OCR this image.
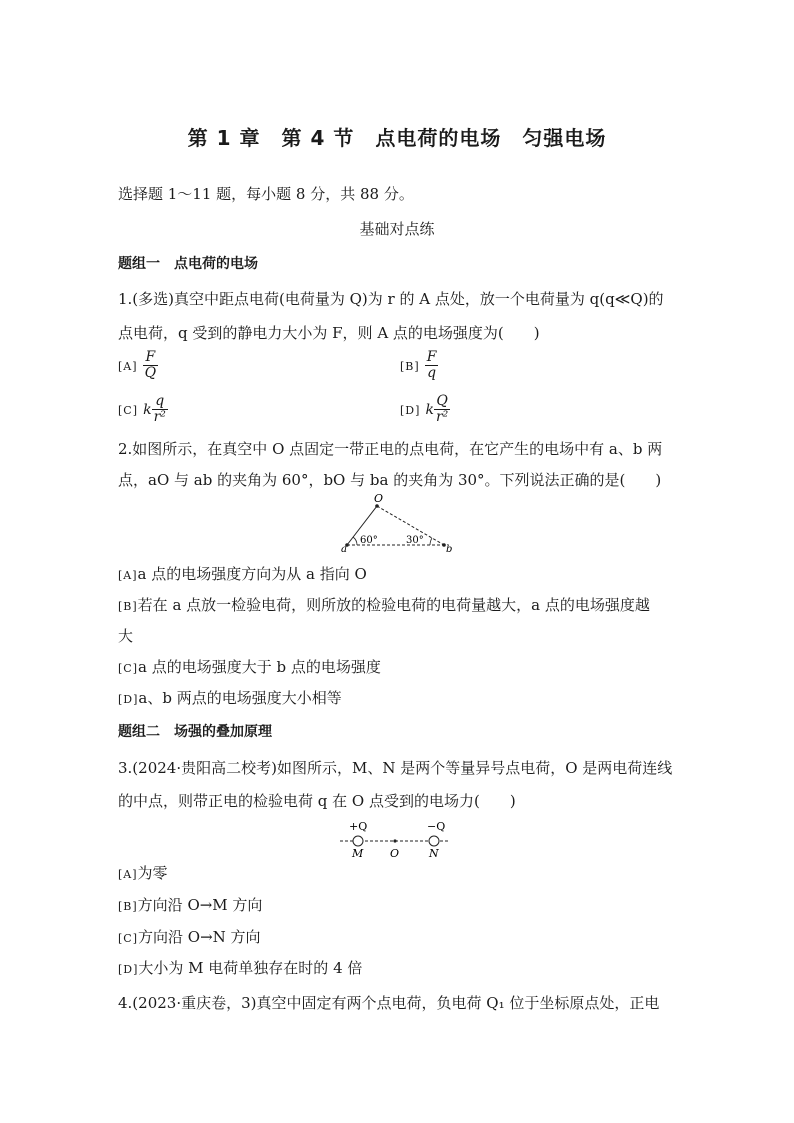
第 1 章　第 4 节　点电荷的电场　匀强电场
选择题 1～11 题，每小题 8 分，共 88 分。
基础对点练
题组一　点电荷的电场
1.(多选)真空中距点电荷(电荷量为 Q)为 r 的 A 点处，放一个电荷量为 q(q≪Q)的
点电荷，q 受到的静电力大小为 F，则 A 点的电场强度为(　　)
$[A] \frac{F}{Q}$	$[B] \frac{F}{q}$
[C] k $\frac{q}{\text{r²}}$	[D] k $\frac{Q}{\text{r²}}$
2.如图所示，在真空中 O 点固定一带正电的点电荷，在它产生的电场中有 a、b 两
点，aO 与 ab 的夹角为 60°，bO 与 ba 的夹角为 30°。下列说法正确的是(　　)
O
a	b
60°	30°
[A]a 点的电场强度方向为从 a 指向 O
[B]若在 a 点放一检验电荷，则所放的检验电荷的电荷量越大，a 点的电场强度越
大
[C]a 点的电场强度大于 b 点的电场强度
[D]a、b 两点的电场强度大小相等
题组二　场强的叠加原理
3.(2024·贵阳高二校考)如图所示，M、N 是两个等量异号点电荷，O 是两电荷连线
的中点，则带正电的检验电荷 q 在 O 点受到的电场力(　　)
+Q	−Q
M O	N
[A]为零
[B]方向沿 O→M 方向
[C]方向沿 O→N 方向
[D]大小为 M 电荷单独存在时的 4 倍
4.(2023·重庆卷，3)真空中固定有两个点电荷，负电荷 Q₁ 位于坐标原点处，正电
